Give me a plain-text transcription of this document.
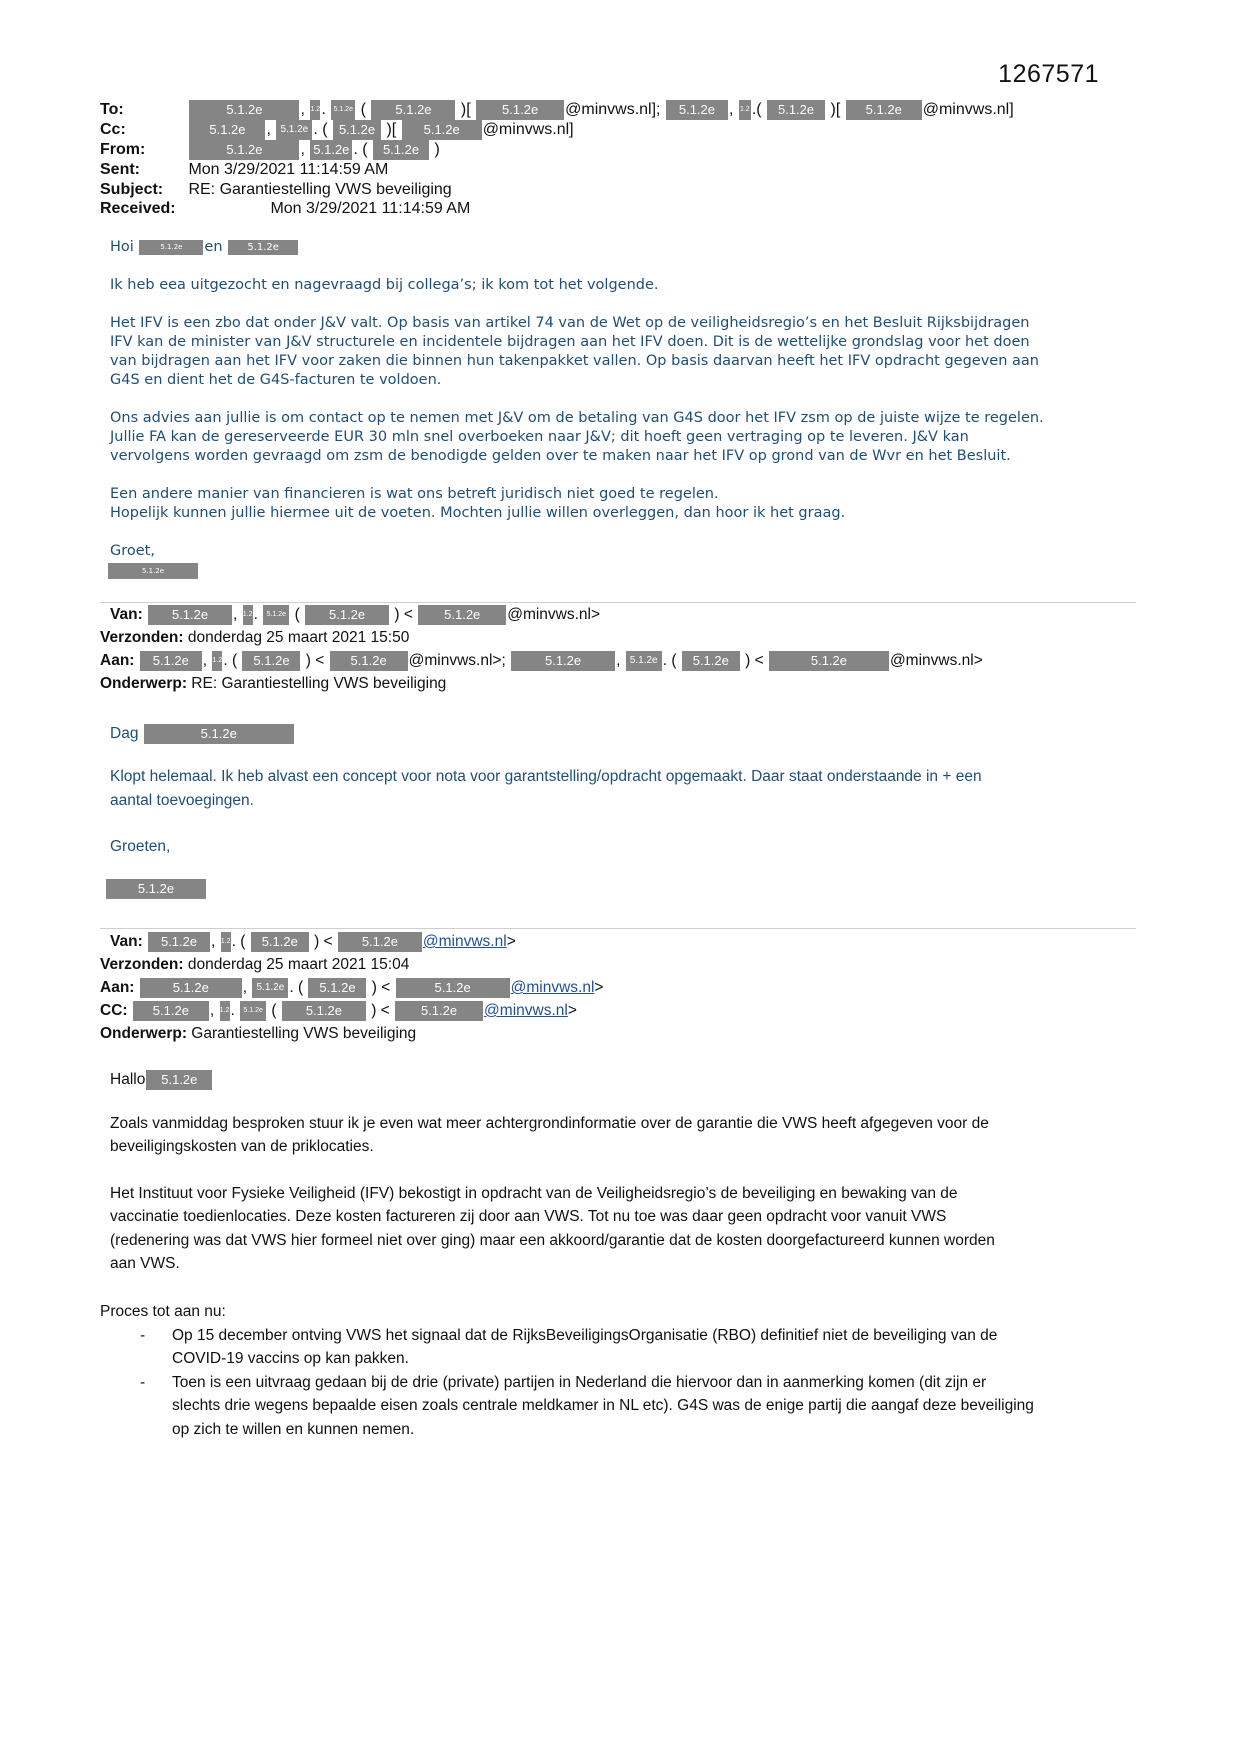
1267571
To:	5.1.2e , 1.2. 5.1.2e ( 5.1.2e )[ 5.1.2e @minvws.nl]; 5.1.2e , 1.2 .( 5.1.2e )[ 5.1.2e @minvws.nl]
Cc:	5.1.2e , 5.1.2e . ( 5.1.2e )[ 5.1.2e @minvws.nl]
From:	5.1.2e , 5.1.2e . ( 5.1.2e )
Sent:	Mon 3/29/2021 11:14:59 AM
Subject: RE: Garantiestelling VWS beveiliging
Received:	Mon 3/29/2021 11:14:59 AM
Hoi	5.1.2e en 5.1.2e

Ik heb eea uitgezocht en nagevraagd bij collega’s; ik kom tot het volgende.

Het IFV is een zbo dat onder J&V valt. Op basis van artikel 74 van de Wet op de veiligheidsregio’s en het Besluit Rijksbijdragen
IFV kan de minister van J&V structurele en incidentele bijdragen aan het IFV doen. Dit is de wettelijke grondslag voor het doen
van bijdragen aan het IFV voor zaken die binnen hun takenpakket vallen. Op basis daarvan heeft het IFV opdracht gegeven aan
G4S en dient het de G4S-facturen te voldoen.

Ons advies aan jullie is om contact op te nemen met J&V om de betaling van G4S door het IFV zsm op de juiste wijze te regelen.
Jullie FA kan de gereserveerde EUR 30 mln snel overboeken naar J&V; dit hoeft geen vertraging op te leveren. J&V kan
vervolgens worden gevraagd om zsm de benodigde gelden over te maken naar het IFV op grond van de Wvr en het Besluit.

Een andere manier van financieren is wat ons betreft juridisch niet goed te regelen.
Hopelijk kunnen jullie hiermee uit de voeten. Mochten jullie willen overleggen, dan hoor ik het graag.

Groet,

5.1.2e
Van: 5.1.2e , 1.2. 5.1.2e ( 5.1.2e ) < 5.1.2e @minvws.nl>
Verzonden: donderdag 25 maart 2021 15:50
Aan: 5.1.2e , 1.2. ( 5.1.2e ) < 5.1.2e @minvws.nl>;	5.1.2e , 5.1.2e . ( 5.1.2e ) <	5.1.2e	@minvws.nl>
Onderwerp: RE: Garantiestelling VWS beveiliging
Dag	5.1.2e
Klopt helemaal. Ik heb alvast een concept voor nota voor garantstelling/opdracht opgemaakt. Daar staat onderstaande in + een
aantal toevoegingen.
Groeten,
5.1.2e
Van: 5.1.2e , 1.2. ( 5.1.2e ) < 5.1.2e @minvws.nl>
Verzonden: donderdag 25 maart 2021 15:04
Aan:	5.1.2e , 5.1.2e . ( 5.1.2e ) <	5.1.2e	@minvws.nl>
CC: 5.1.2e , 1.2. 5.1.2e ( 5.1.2e ) < 5.1.2e @minvws.nl>
Onderwerp: Garantiestelling VWS beveiliging

Hallo 5.1.2e

Zoals vanmiddag besproken stuur ik je even wat meer achtergrondinformatie over de garantie die VWS heeft afgegeven voor de
beveiligingskosten van de priklocaties.

Het Instituut voor Fysieke Veiligheid (IFV) bekostigt in opdracht van de Veiligheidsregio’s de beveiliging en bewaking van de
vaccinatie toedienlocaties. Deze kosten factureren zij door aan VWS. Tot nu toe was daar geen opdracht voor vanuit VWS
(redenering was dat VWS hier formeel niet over ging) maar een akkoord/garantie dat de kosten doorgefactureerd kunnen worden
aan VWS.

Proces tot aan nu:
- Op 15 december ontving VWS het signaal dat de RijksBeveiligingsOrganisatie (RBO) definitief niet de beveiliging van de
COVID-19 vaccins op kan pakken.
- Toen is een uitvraag gedaan bij de drie (private) partijen in Nederland die hiervoor dan in aanmerking komen (dit zijn er
slechts drie wegens bepaalde eisen zoals centrale meldkamer in NL etc). G4S was de enige partij die aangaf deze beveiliging
op zich te willen en kunnen nemen.
